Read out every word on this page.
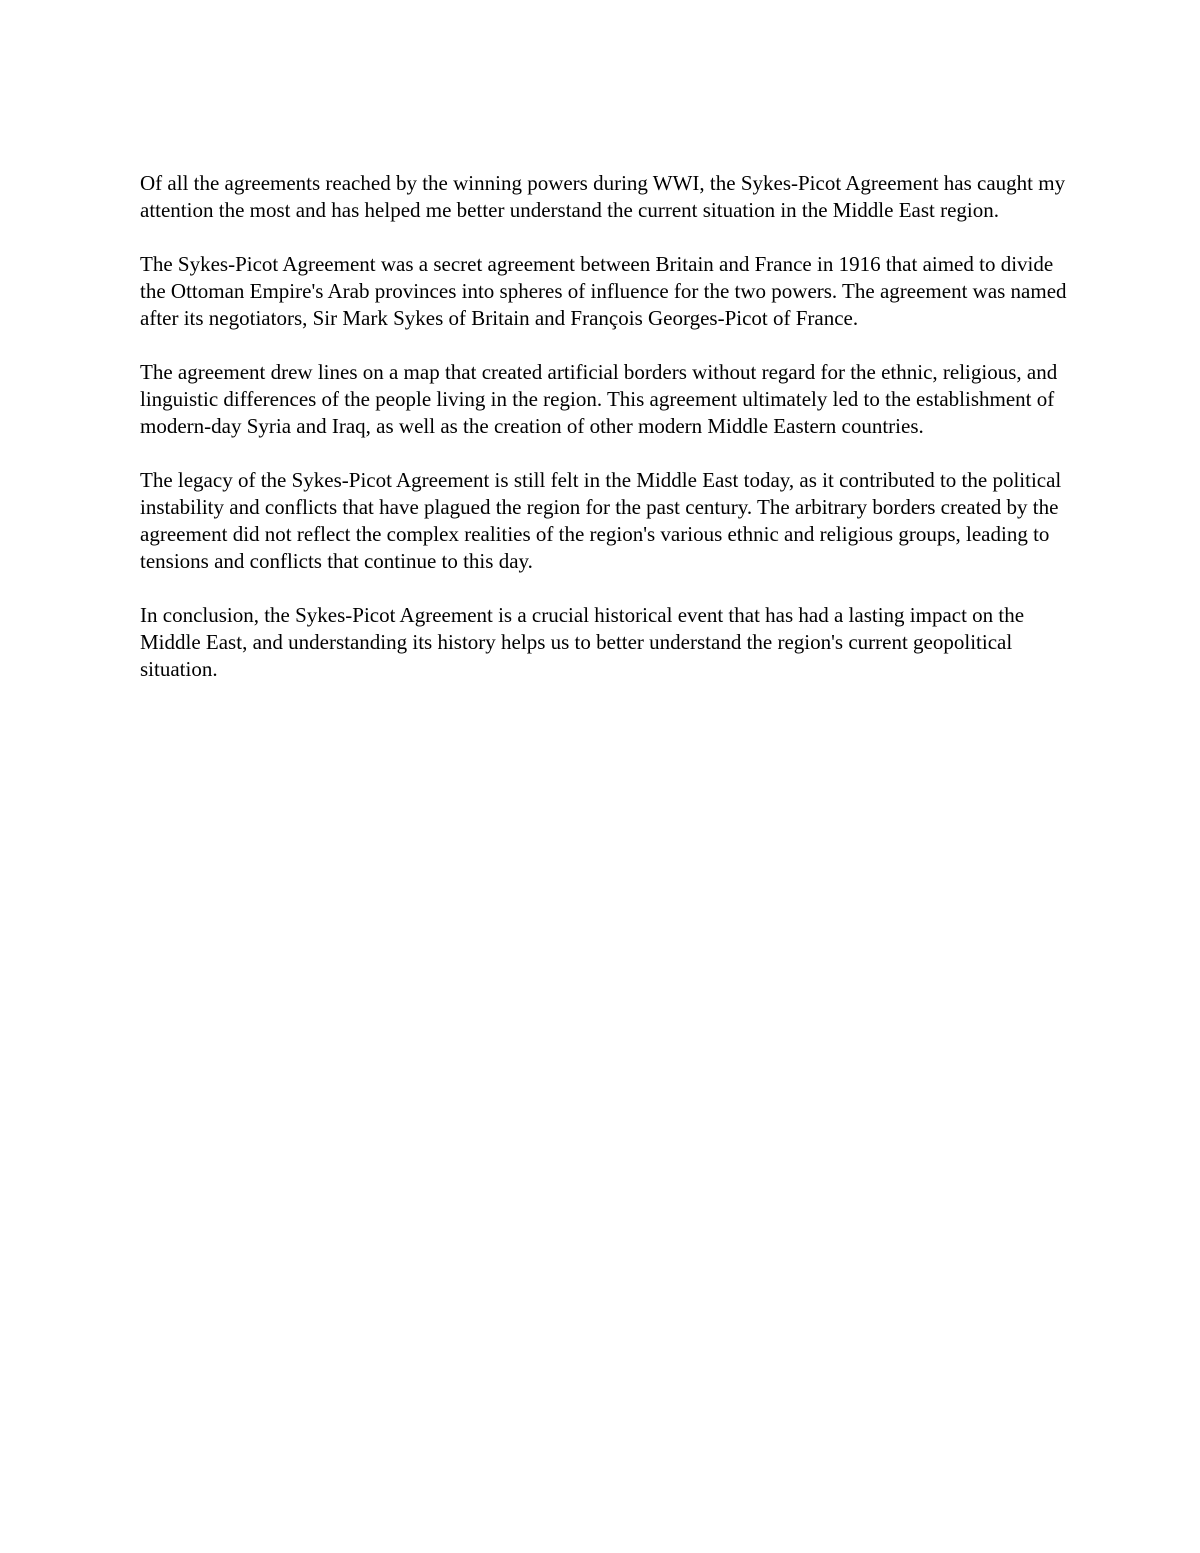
Of all the agreements reached by the winning powers during WWI, the Sykes-Picot Agreement has caught my attention the most and has helped me better understand the current situation in the Middle East region.

The Sykes-Picot Agreement was a secret agreement between Britain and France in 1916 that aimed to divide the Ottoman Empire's Arab provinces into spheres of influence for the two powers. The agreement was named after its negotiators, Sir Mark Sykes of Britain and François Georges-Picot of France.

The agreement drew lines on a map that created artificial borders without regard for the ethnic, religious, and linguistic differences of the people living in the region. This agreement ultimately led to the establishment of modern-day Syria and Iraq, as well as the creation of other modern Middle Eastern countries.

The legacy of the Sykes-Picot Agreement is still felt in the Middle East today, as it contributed to the political instability and conflicts that have plagued the region for the past century. The arbitrary borders created by the agreement did not reflect the complex realities of the region's various ethnic and religious groups, leading to tensions and conflicts that continue to this day.

In conclusion, the Sykes-Picot Agreement is a crucial historical event that has had a lasting impact on the Middle East, and understanding its history helps us to better understand the region's current geopolitical situation.
